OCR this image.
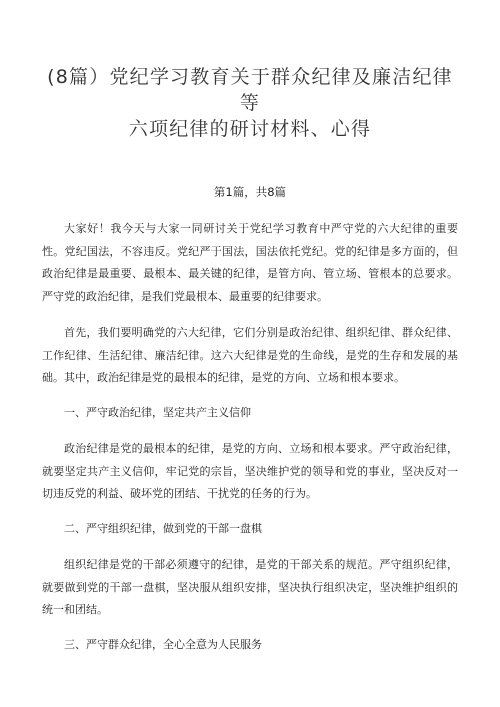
(8篇）党纪学习教育关于群众纪律及廉洁纪律等
六项纪律的研讨材料、心得
第1篇，共8篇

大家好！我今天与大家一同研讨关于党纪学习教育中严守党的六大纪律的重要性。党纪国法，不容违反。党纪严于国法，国法依托党纪。党的纪律是多方面的，但政治纪律是最重要、最根本、最关键的纪律，是管方向、管立场、管根本的总要求。严守党的政治纪律，是我们党最根本、最重要的纪律要求。

首先，我们要明确党的六大纪律，它们分别是政治纪律、组织纪律、群众纪律、工作纪律、生活纪律、廉洁纪律。这六大纪律是党的生命线，是党的生存和发展的基础。其中，政治纪律是党的最根本的纪律，是党的方向、立场和根本要求。

一、严守政治纪律，坚定共产主义信仰

政治纪律是党的最根本的纪律，是党的方向、立场和根本要求。严守政治纪律，就要坚定共产主义信仰，牢记党的宗旨，坚决维护党的领导和党的事业，坚决反对一切违反党的利益、破坏党的团结、干扰党的任务的行为。

二、严守组织纪律，做到党的干部一盘棋

组织纪律是党的干部必须遵守的纪律，是党的干部关系的规范。严守组织纪律，就要做到党的干部一盘棋，坚决服从组织安排，坚决执行组织决定，坚决维护组织的统一和团结。

三、严守群众纪律，全心全意为人民服务
